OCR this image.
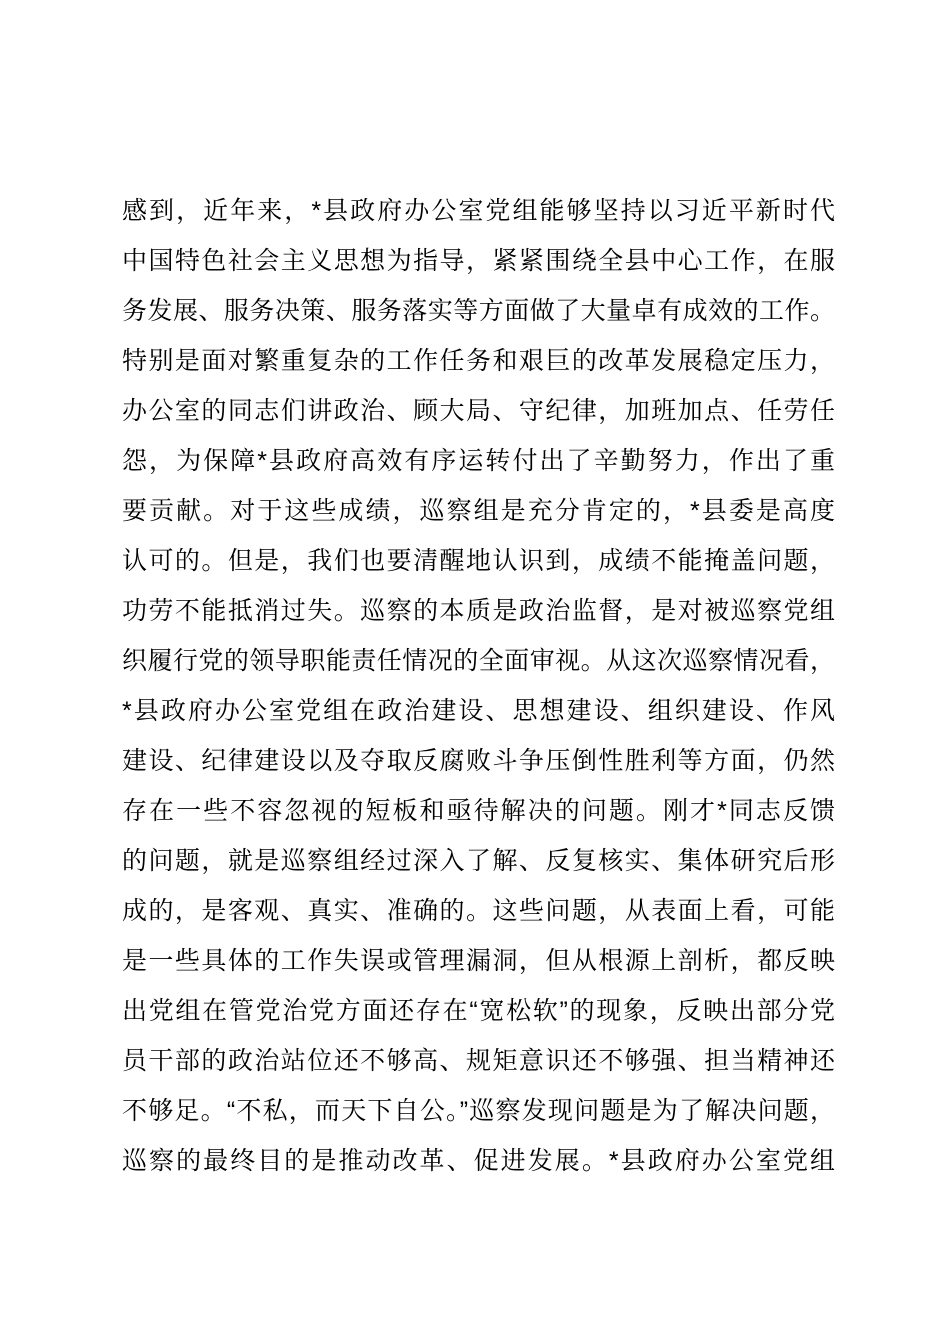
感到，近年来，*县政府办公室党组能够坚持以习近平新时代
中国特色社会主义思想为指导，紧紧围绕全县中心工作，在服
务发展、服务决策、服务落实等方面做了大量卓有成效的工作。
特别是面对繁重复杂的工作任务和艰巨的改革发展稳定压力，
办公室的同志们讲政治、顾大局、守纪律，加班加点、任劳任
怨，为保障*县政府高效有序运转付出了辛勤努力，作出了重
要贡献。对于这些成绩，巡察组是充分肯定的，*县委是高度
认可的。但是，我们也要清醒地认识到，成绩不能掩盖问题，
功劳不能抵消过失。巡察的本质是政治监督，是对被巡察党组
织履行党的领导职能责任情况的全面审视。从这次巡察情况看，
*县政府办公室党组在政治建设、思想建设、组织建设、作风
建设、纪律建设以及夺取反腐败斗争压倒性胜利等方面，仍然
存在一些不容忽视的短板和亟待解决的问题。刚才*同志反馈
的问题，就是巡察组经过深入了解、反复核实、集体研究后形
成的，是客观、真实、准确的。这些问题，从表面上看，可能
是一些具体的工作失误或管理漏洞，但从根源上剖析，都反映
出党组在管党治党方面还存在“宽松软”的现象，反映出部分党
员干部的政治站位还不够高、规矩意识还不够强、担当精神还
不够足。“不私，而天下自公。”巡察发现问题是为了解决问题，
巡察的最终目的是推动改革、促进发展。*县政府办公室党组
